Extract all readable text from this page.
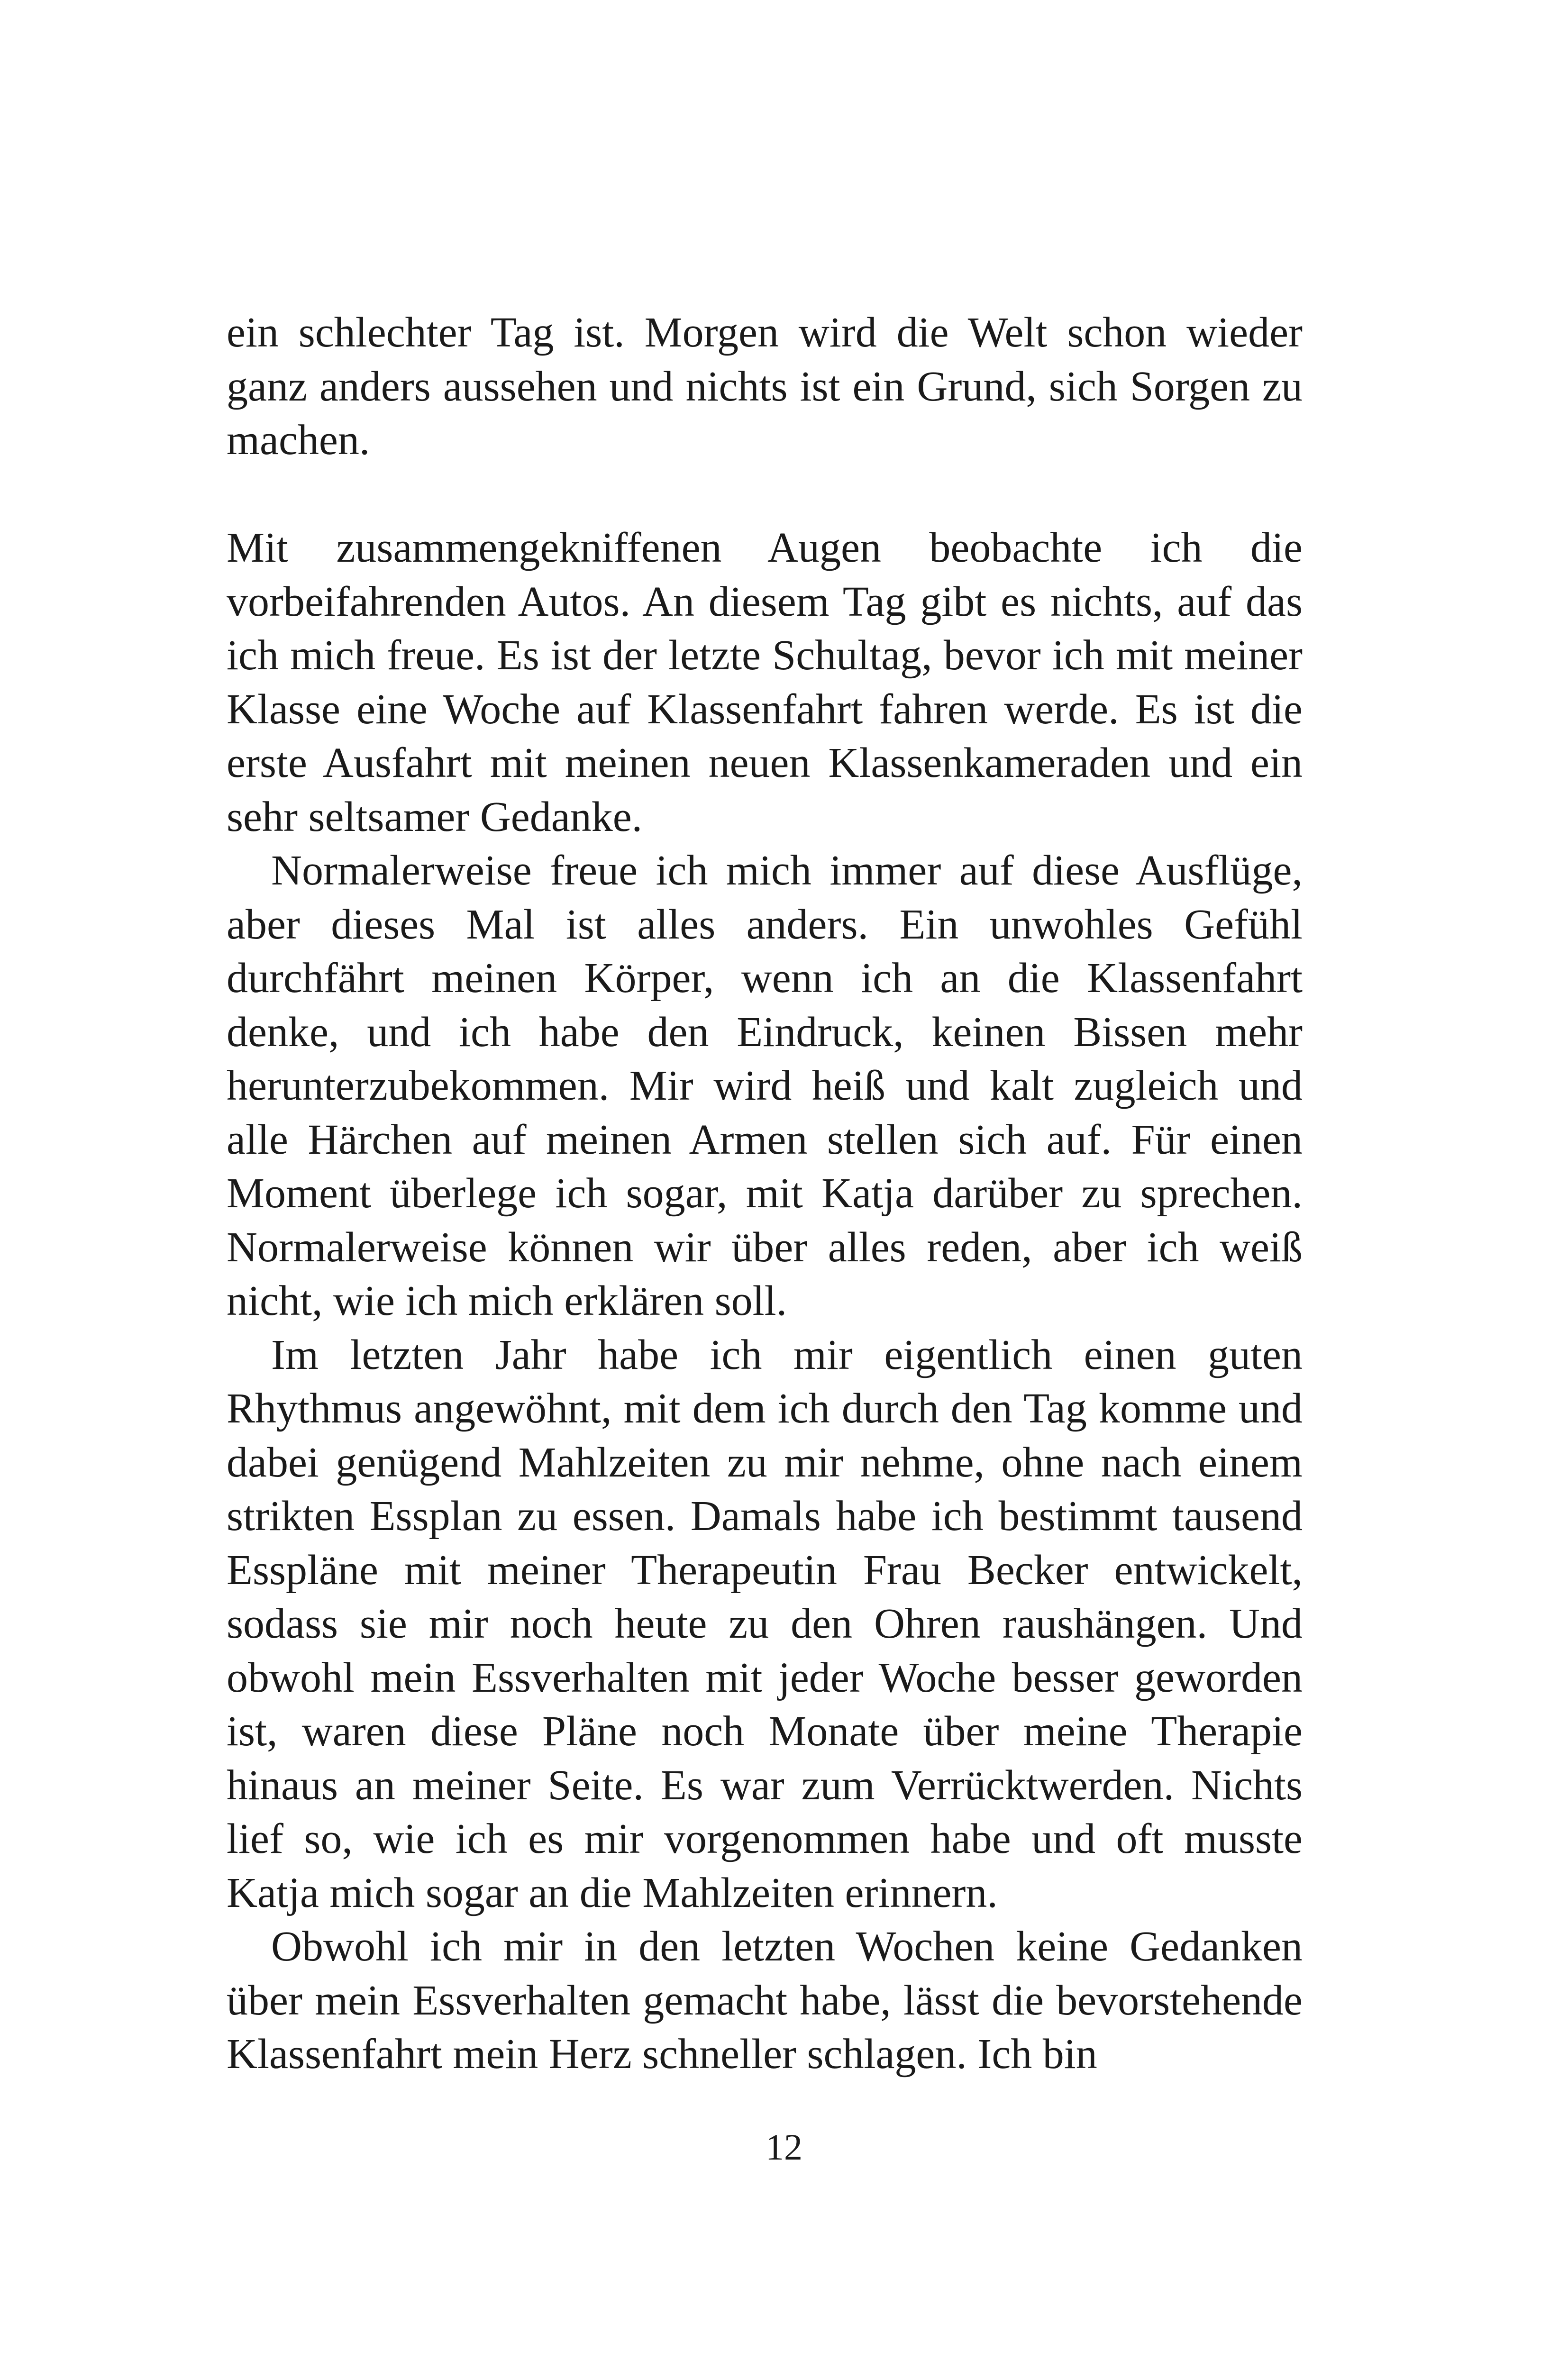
ein schlechter Tag ist. Morgen wird die Welt schon wieder ganz anders aussehen und nichts ist ein Grund, sich Sorgen zu machen.

Mit zusammengekniffenen Augen beobachte ich die vorbeifahrenden Autos. An diesem Tag gibt es nichts, auf das ich mich freue. Es ist der letzte Schultag, bevor ich mit meiner Klasse eine Woche auf Klassenfahrt fahren werde. Es ist die erste Ausfahrt mit meinen neuen Klassenkameraden und ein sehr seltsamer Gedanke.

Normalerweise freue ich mich immer auf diese Ausflüge, aber dieses Mal ist alles anders. Ein unwohles Gefühl durchfährt meinen Körper, wenn ich an die Klassenfahrt denke, und ich habe den Eindruck, keinen Bissen mehr herunterzubekommen. Mir wird heiß und kalt zugleich und alle Härchen auf meinen Armen stellen sich auf. Für einen Moment überlege ich sogar, mit Katja darüber zu sprechen. Normalerweise können wir über alles reden, aber ich weiß nicht, wie ich mich erklären soll.

Im letzten Jahr habe ich mir eigentlich einen guten Rhythmus angewöhnt, mit dem ich durch den Tag komme und dabei genügend Mahlzeiten zu mir nehme, ohne nach einem strikten Essplan zu essen. Damals habe ich bestimmt tausend Esspläne mit meiner Therapeutin Frau Becker entwickelt, sodass sie mir noch heute zu den Ohren raushängen. Und obwohl mein Essverhalten mit jeder Woche besser geworden ist, waren diese Pläne noch Monate über meine Therapie hinaus an meiner Seite. Es war zum Verrücktwerden. Nichts lief so, wie ich es mir vorgenommen habe und oft musste Katja mich sogar an die Mahlzeiten erinnern.

Obwohl ich mir in den letzten Wochen keine Gedanken über mein Essverhalten gemacht habe, lässt die bevorstehende Klassenfahrt mein Herz schneller schlagen. Ich bin

12
